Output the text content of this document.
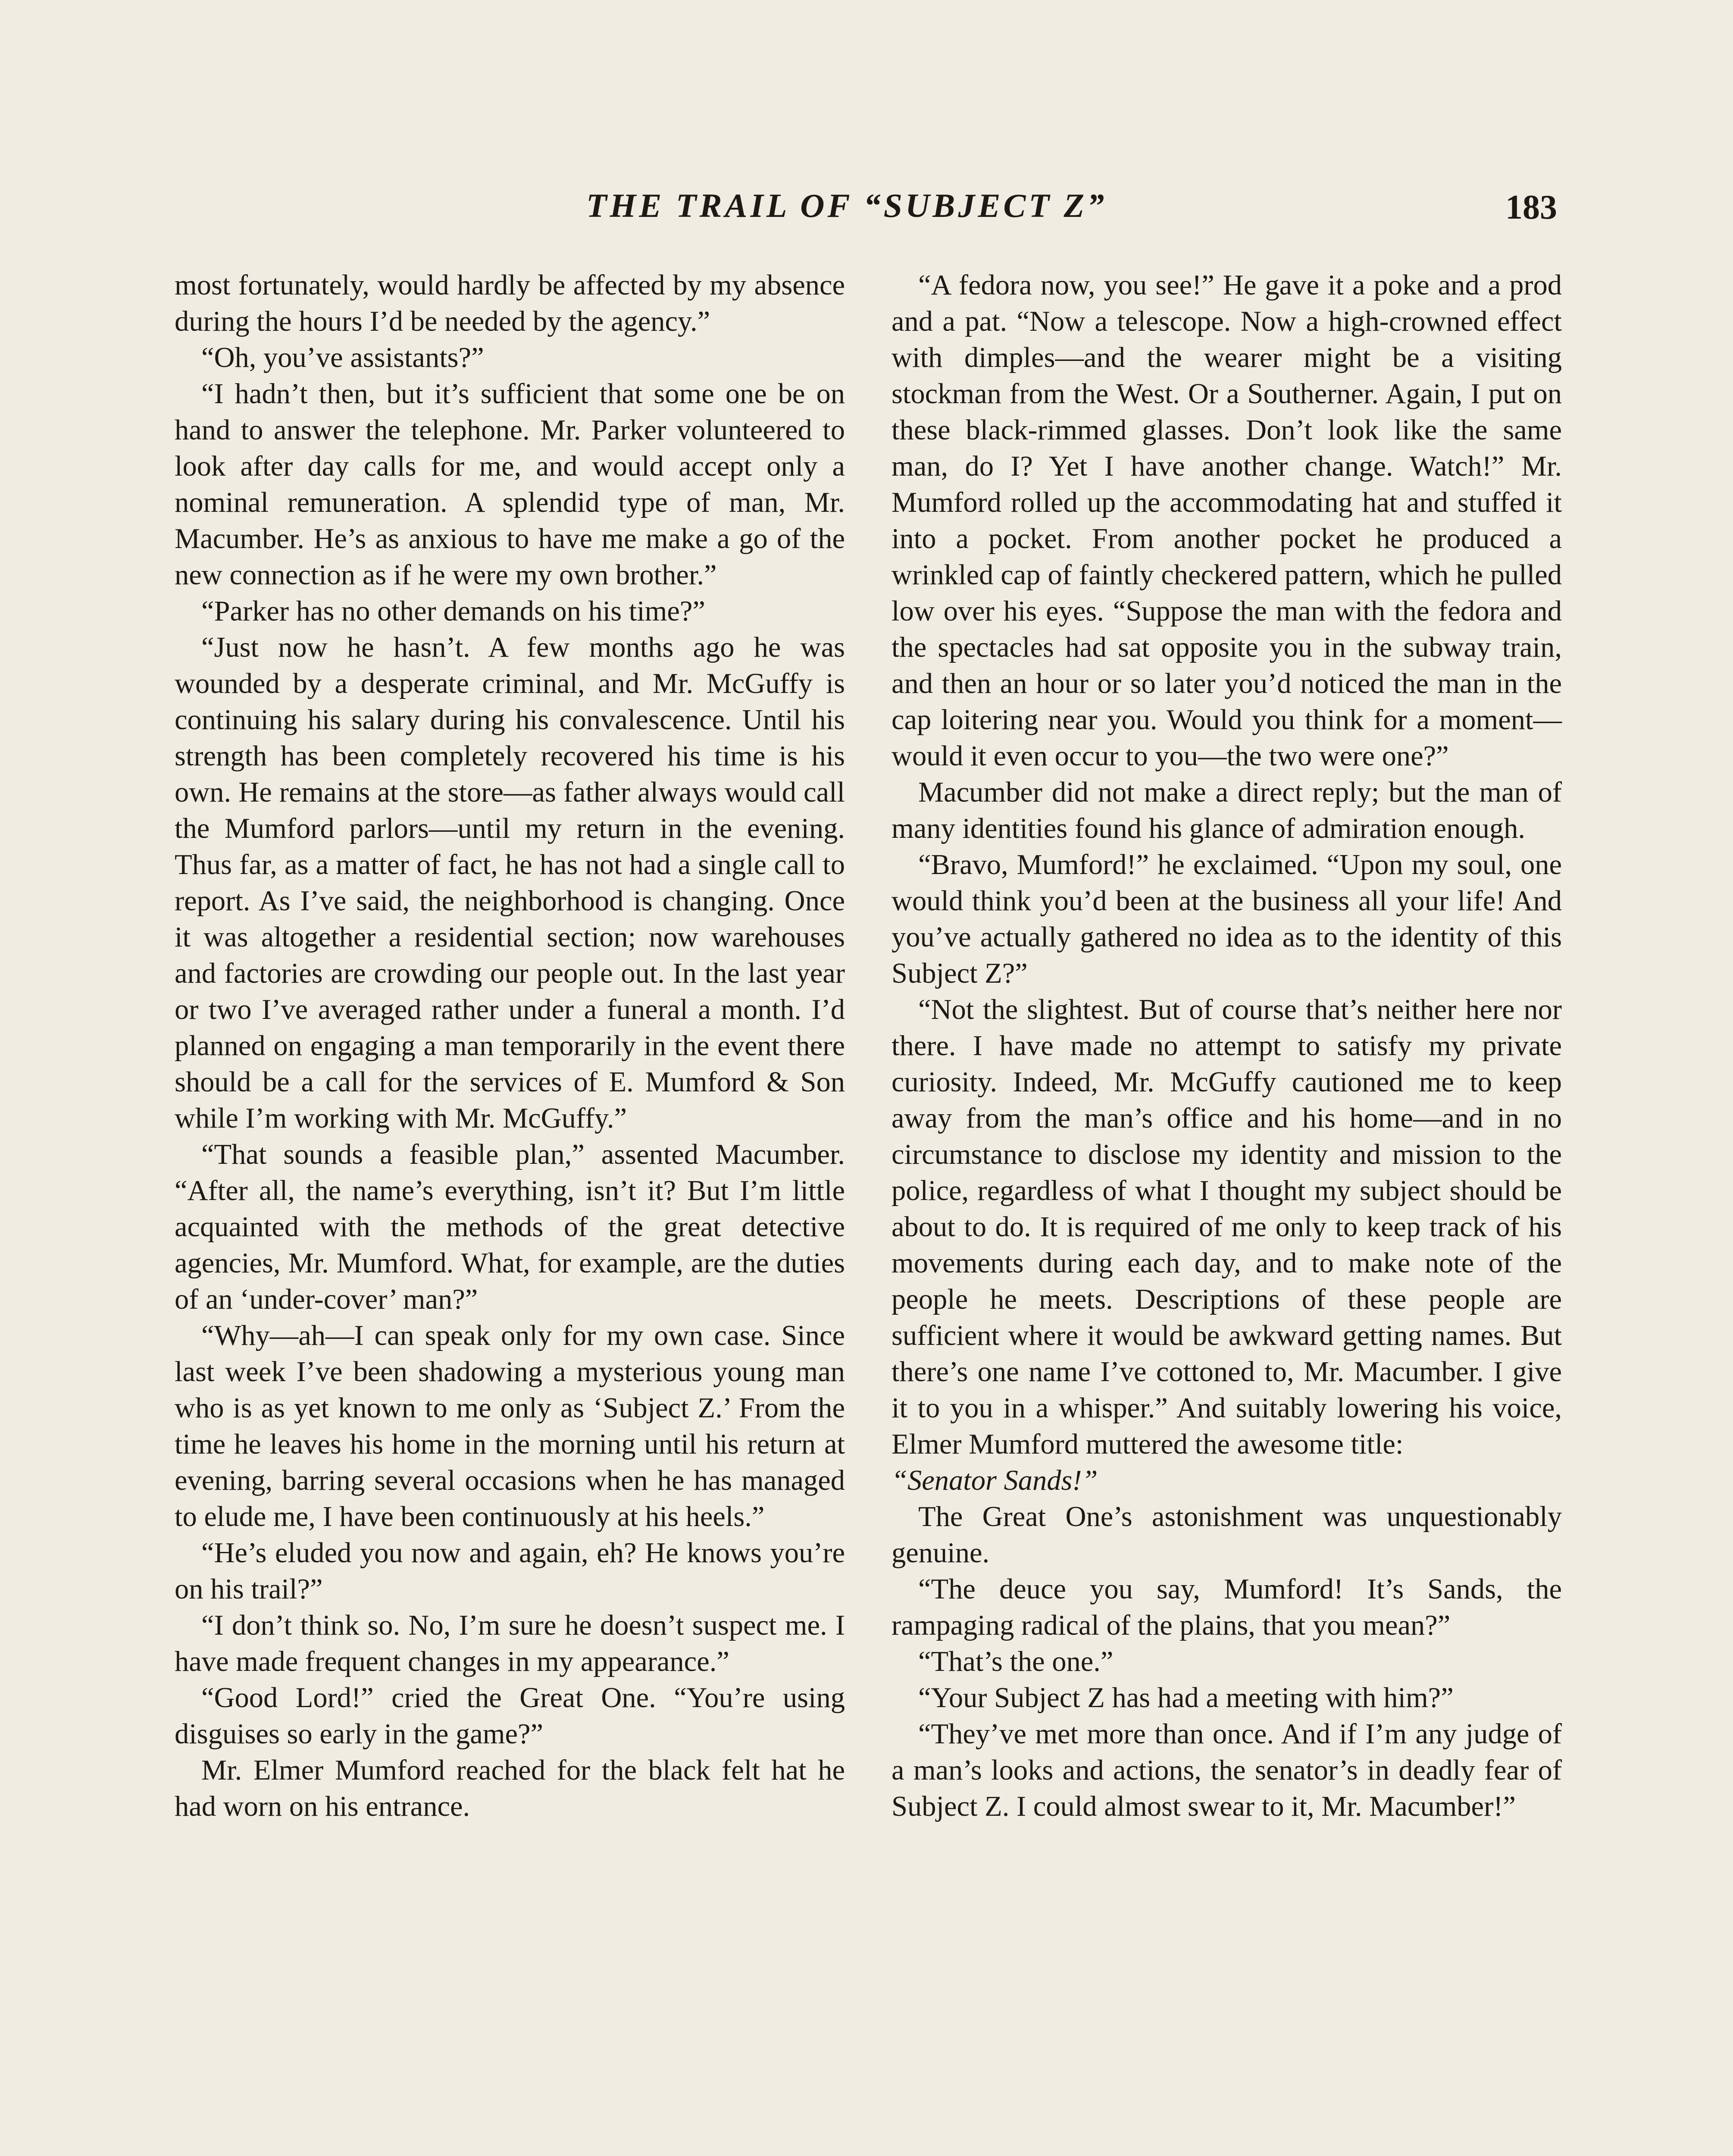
THE TRAIL OF “SUBJECT Z”	183

most fortunately, would hardly be affected by my absence during the hours I’d be needed by the agency.”

“Oh, you’ve assistants?”

“I hadn’t then, but it’s sufficient that some one be on hand to answer the telephone. Mr. Parker volunteered to look after day calls for me, and would accept only a nominal remuneration. A splendid type of man, Mr. Macumber. He’s as anxious to have me make a go of the new connection as if he were my own brother.”

“Parker has no other demands on his time?”

“Just now he hasn’t. A few months ago he was wounded by a desperate criminal, and Mr. McGuffy is continuing his salary during his convalescence. Until his strength has been completely recovered his time is his own. He remains at the store—as father always would call the Mumford parlors—until my return in the evening. Thus far, as a matter of fact, he has not had a single call to report. As I’ve said, the neighborhood is changing. Once it was altogether a residential section; now warehouses and factories are crowding our people out. In the last year or two I’ve averaged rather under a funeral a month. I’d planned on engaging a man temporarily in the event there should be a call for the services of E. Mumford & Son while I’m working with Mr. McGuffy.”

“That sounds a feasible plan,” assented Macumber. “After all, the name’s everything, isn’t it? But I’m little acquainted with the methods of the great detective agencies, Mr. Mumford. What, for example, are the duties of an ‘under-cover’ man?”

“Why—ah—I can speak only for my own case. Since last week I’ve been shadowing a mysterious young man who is as yet known to me only as ‘Subject Z.’ From the time he leaves his home in the morning until his return at evening, barring several occasions when he has managed to elude me, I have been continuously at his heels.”

“He’s eluded you now and again, eh? He knows you’re on his trail?”

“I don’t think so. No, I’m sure he doesn’t suspect me. I have made frequent changes in my appearance.”

“Good Lord!” cried the Great One. “You’re using disguises so early in the game?”

Mr. Elmer Mumford reached for the black felt hat he had worn on his entrance.

“A fedora now, you see!” He gave it a poke and a prod and a pat. “Now a telescope. Now a high-crowned effect with dimples—and the wearer might be a visiting stockman from the West. Or a Southerner. Again, I put on these black-rimmed glasses. Don’t look like the same man, do I? Yet I have another change. Watch!” Mr. Mumford rolled up the accommodating hat and stuffed it into a pocket. From another pocket he produced a wrinkled cap of faintly checkered pattern, which he pulled low over his eyes. “Suppose the man with the fedora and the spectacles had sat opposite you in the subway train, and then an hour or so later you’d noticed the man in the cap loitering near you. Would you think for a moment—would it even occur to you—the two were one?”

Macumber did not make a direct reply; but the man of many identities found his glance of admiration enough.

“Bravo, Mumford!” he exclaimed. “Upon my soul, one would think you’d been at the business all your life! And you’ve actually gathered no idea as to the identity of this Subject Z?”

“Not the slightest. But of course that’s neither here nor there. I have made no attempt to satisfy my private curiosity. Indeed, Mr. McGuffy cautioned me to keep away from the man’s office and his home—and in no circumstance to disclose my identity and mission to the police, regardless of what I thought my subject should be about to do. It is required of me only to keep track of his movements during each day, and to make note of the people he meets. Descriptions of these people are sufficient where it would be awkward getting names. But there’s one name I’ve cottoned to, Mr. Macumber. I give it to you in a whisper.” And suitably lowering his voice, Elmer Mumford muttered the awesome title:

“Senator Sands!”

The Great One’s astonishment was unquestionably genuine.

“The deuce you say, Mumford! It’s Sands, the rampaging radical of the plains, that you mean?”

“That’s the one.”

“Your Subject Z has had a meeting with him?”

“They’ve met more than once. And if I’m any judge of a man’s looks and actions, the senator’s in deadly fear of Subject Z. I could almost swear to it, Mr. Macumber!”
